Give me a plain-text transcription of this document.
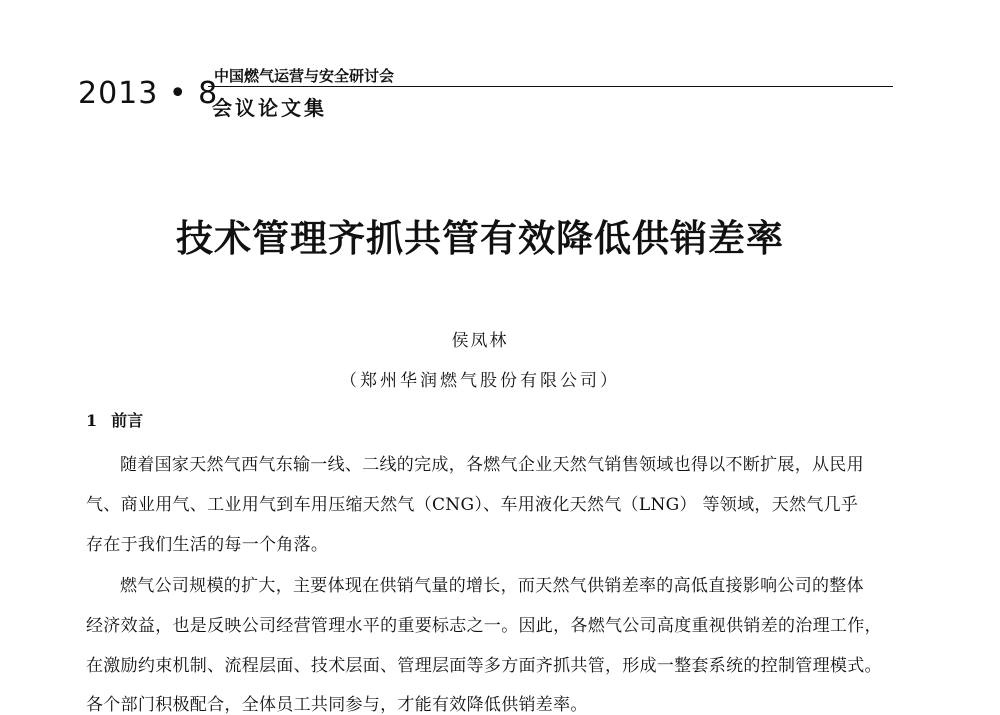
2013 • 8
中国燃气运营与安全研讨会
会议论文集
技术管理齐抓共管有效降低供销差率
侯凤林
（郑州华润燃气股份有限公司）
1 前言
随着国家天然气西气东输一线、二线的完成，各燃气企业天然气销售领域也得以不断扩展，从民用
气、商业用气、工业用气到车用压缩天然气（CNG）、车用液化天然气（LNG） 等领域，天然气几乎
存在于我们生活的每一个角落。
燃气公司规模的扩大，主要体现在供销气量的增长，而天然气供销差率的高低直接影响公司的整体
经济效益，也是反映公司经营管理水平的重要标志之一。因此，各燃气公司高度重视供销差的治理工作，
在激励约束机制、流程层面、技术层面、管理层面等多方面齐抓共管，形成一整套系统的控制管理模式。
各个部门积极配合，全体员工共同参与，才能有效降低供销差率。
